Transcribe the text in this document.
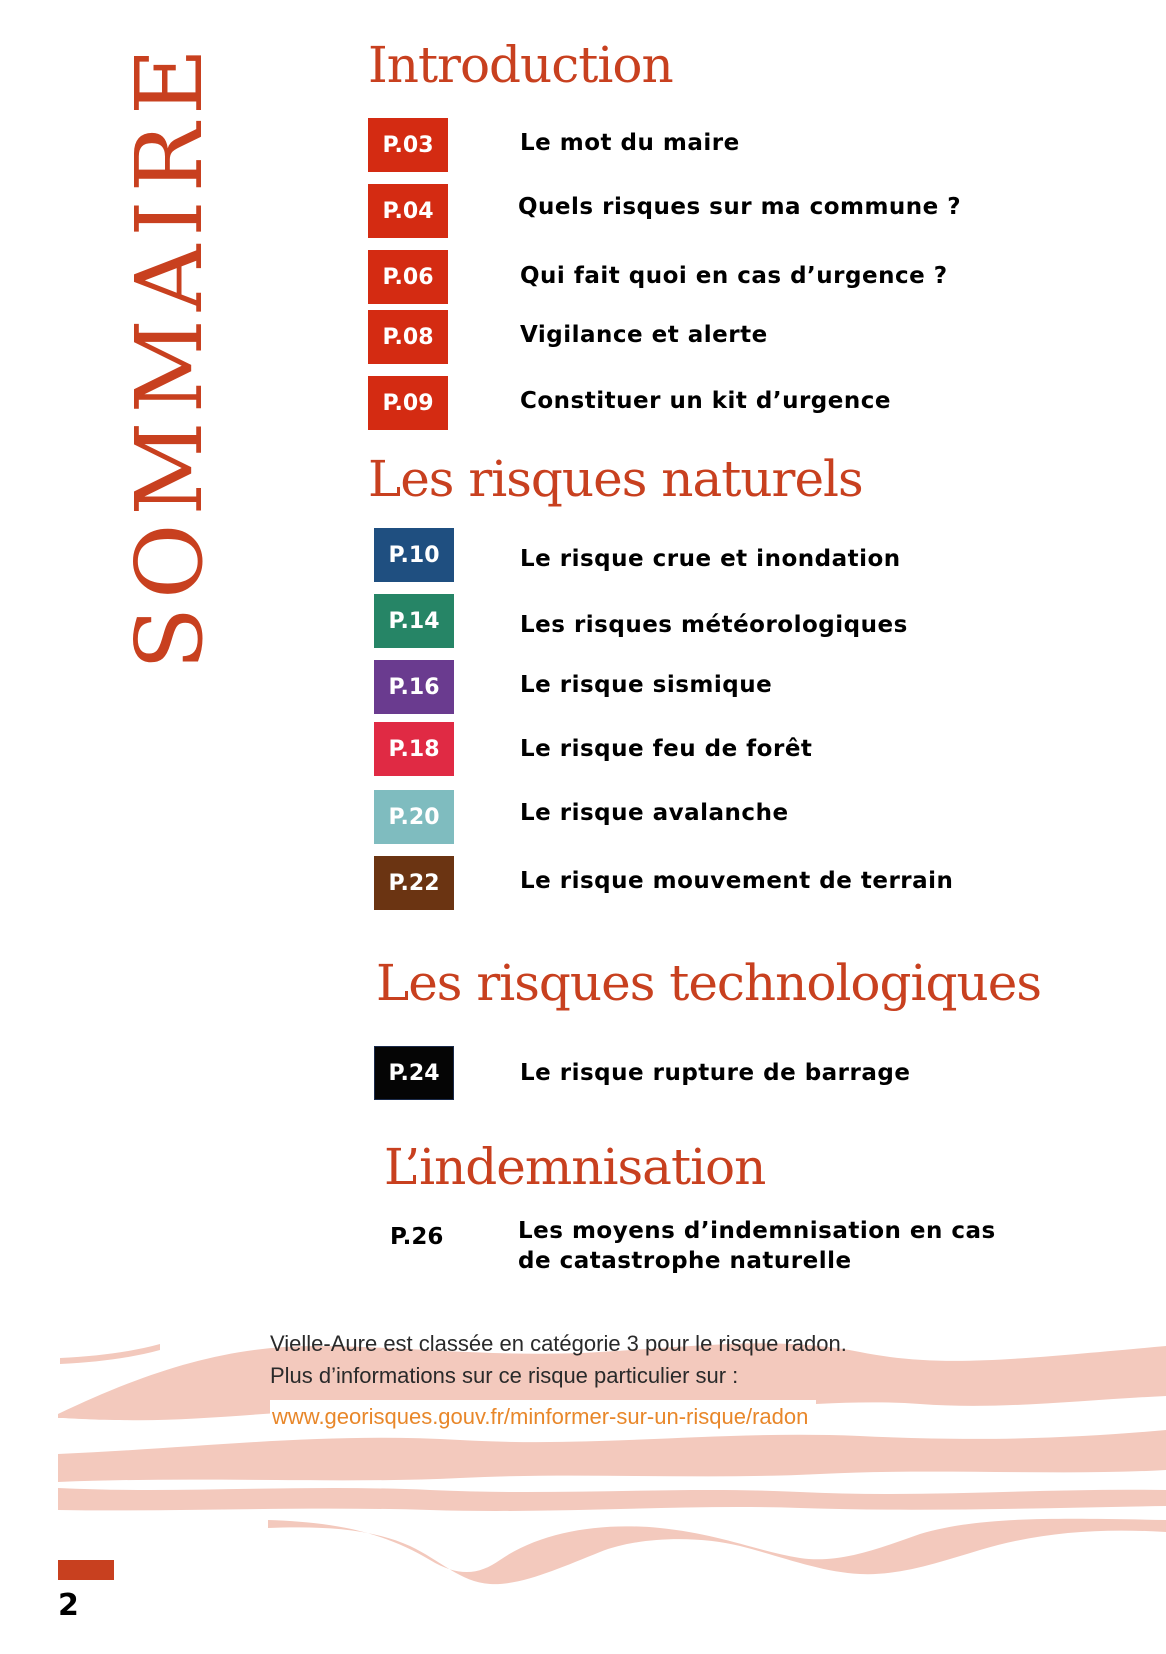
SOMMAIRE	Introduction
P.03	Le mot du maire
P.04	Quels risques sur ma commune ?
P.06	Qui fait quoi en cas d’urgence ?
P.08	Vigilance et alerte
P.09	Constituer un kit d’urgence
Les risques naturels
P.10	Le risque crue et inondation
P.14	Les risques météorologiques
P.16	Le risque sismique
P.18	Le risque feu de forêt
P.20	Le risque avalanche
P.22	Le risque mouvement de terrain
Les risques technologiques
P.24	Le risque rupture de barrage
L’indemnisation
P.26	Les moyens d’indemnisation en cas
de catastrophe naturelle
Vielle-Aure est classée en catégorie 3 pour le risque radon.
Plus d’informations sur ce risque particulier sur :
www.georisques.gouv.fr/minformer-sur-un-risque/radon
2
